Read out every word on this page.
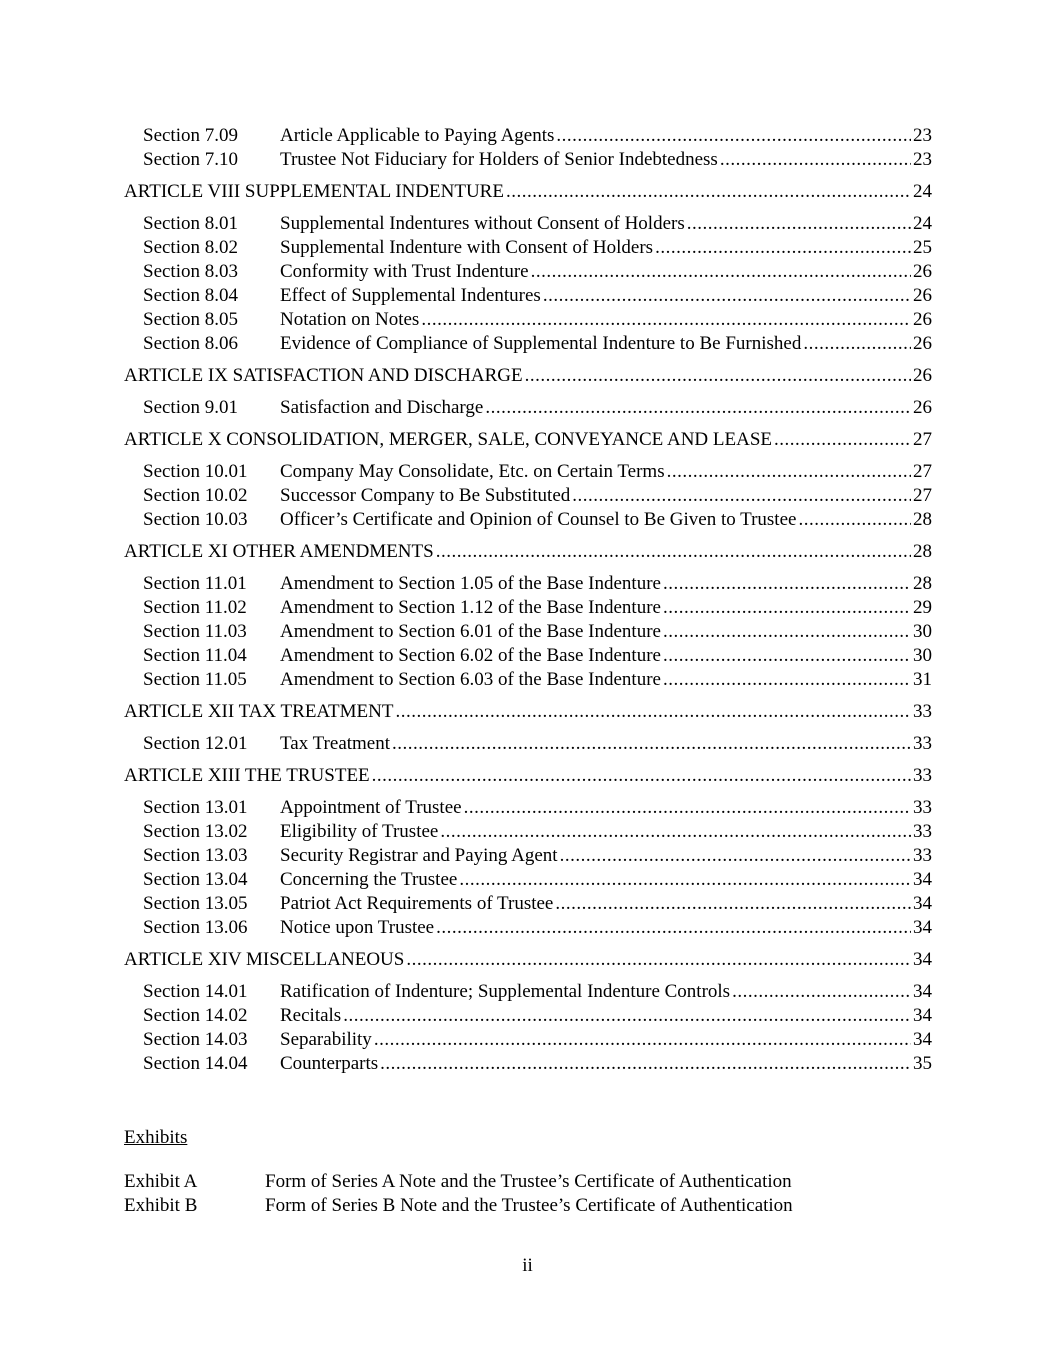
Section 7.09	Article Applicable to Paying Agents .....	23
Section 7.10	Trustee Not Fiduciary for Holders of Senior Indebtedness .....	23
ARTICLE VIII SUPPLEMENTAL INDENTURE .....	24
Section 8.01	Supplemental Indentures without Consent of Holders .....	24
Section 8.02	Supplemental Indenture with Consent of Holders .....	25
Section 8.03	Conformity with Trust Indenture .....	26
Section 8.04	Effect of Supplemental Indentures .....	26
Section 8.05	Notation on Notes .....	26
Section 8.06	Evidence of Compliance of Supplemental Indenture to Be Furnished .....	26
ARTICLE IX SATISFACTION AND DISCHARGE .....	26
Section 9.01	Satisfaction and Discharge .....	26
ARTICLE X CONSOLIDATION, MERGER, SALE, CONVEYANCE AND LEASE .....	27
Section 10.01	Company May Consolidate, Etc. on Certain Terms .....	27
Section 10.02	Successor Company to Be Substituted .....	27
Section 10.03	Officer’s Certificate and Opinion of Counsel to Be Given to Trustee .....	28
ARTICLE XI OTHER AMENDMENTS .....	28
Section 11.01	Amendment to Section 1.05 of the Base Indenture .....	28
Section 11.02	Amendment to Section 1.12 of the Base Indenture .....	29
Section 11.03	Amendment to Section 6.01 of the Base Indenture .....	30
Section 11.04	Amendment to Section 6.02 of the Base Indenture .....	30
Section 11.05	Amendment to Section 6.03 of the Base Indenture .....	31
ARTICLE XII TAX TREATMENT .....	33
Section 12.01	Tax Treatment .....	33
ARTICLE XIII THE TRUSTEE .....	33
Section 13.01	Appointment of Trustee .....	33
Section 13.02	Eligibility of Trustee .....	33
Section 13.03	Security Registrar and Paying Agent .....	33
Section 13.04	Concerning the Trustee .....	34
Section 13.05	Patriot Act Requirements of Trustee .....	34
Section 13.06	Notice upon Trustee .....	34
ARTICLE XIV MISCELLANEOUS .....	34
Section 14.01	Ratification of Indenture; Supplemental Indenture Controls .....	34
Section 14.02	Recitals .....	34
Section 14.03	Separability .....	34
Section 14.04	Counterparts .....	35
Exhibits
Exhibit A	Form of Series A Note and the Trustee’s Certificate of Authentication
Exhibit B	Form of Series B Note and the Trustee’s Certificate of Authentication
ii
